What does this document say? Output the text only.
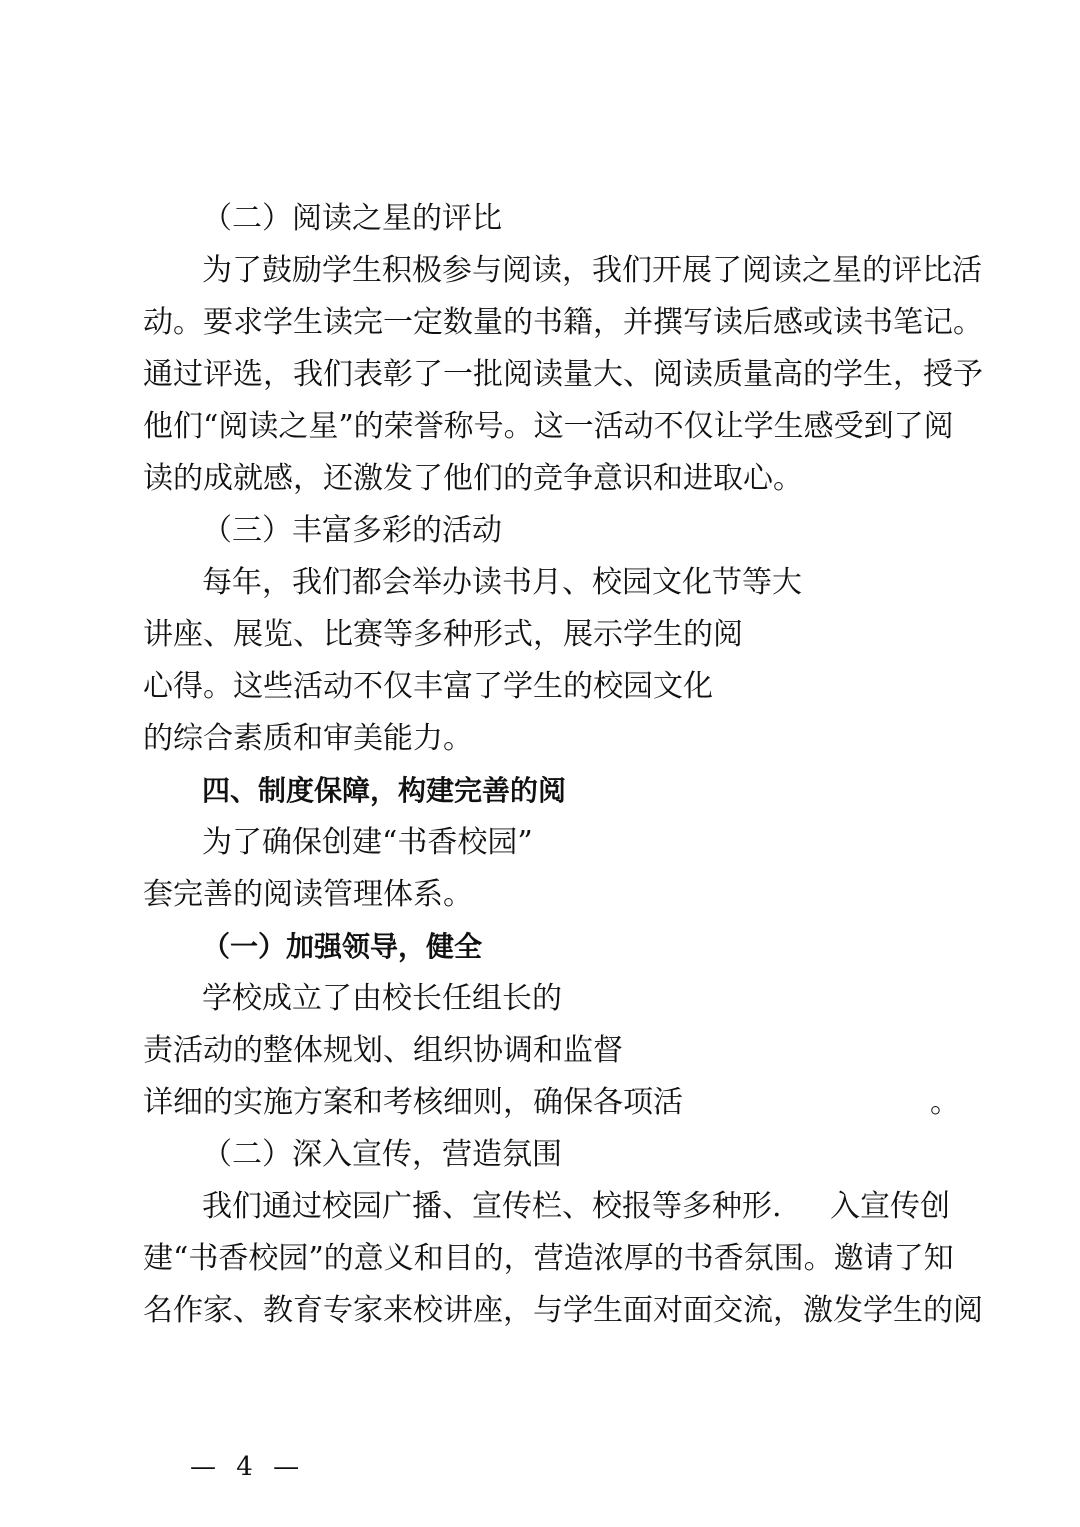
（二）阅读之星的评比
为了鼓励学生积极参与阅读，我们开展了阅读之星的评比活
动。要求学生读完一定数量的书籍，并撰写读后感或读书笔记。
通过评选，我们表彰了一批阅读量大、阅读质量高的学生，授予
他们“阅读之星”的荣誉称号。这一活动不仅让学生感受到了阅
读的成就感，还激发了他们的竞争意识和进取心。
（三）丰富多彩的活动
每年，我们都会举办读书月、校园文化节等大
讲座、展览、比赛等多种形式，展示学生的阅
心得。这些活动不仅丰富了学生的校园文化
的综合素质和审美能力。
四、制度保障，构建完善的阅
为了确保创建“书香校园”
套完善的阅读管理体系。
（一）加强领导，健全
学校成立了由校长任组长的
责活动的整体规划、组织协调和监督
详细的实施方案和考核细则，确保各项活	。
（二）深入宣传，营造氛围
我们通过校园广播、宣传栏、校报等多种形. 入宣传创
建“书香校园”的意义和目的，营造浓厚的书香氛围。邀请了知
名作家、教育专家来校讲座，与学生面对面交流，激发学生的阅
— 4 —
